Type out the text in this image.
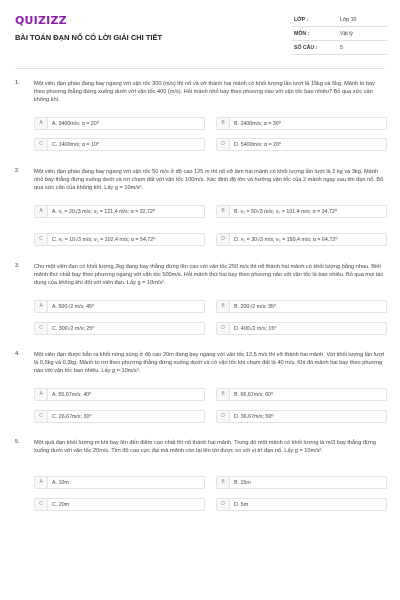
QUIZIZZ
BÀI TOÁN ĐẠN NỔ CÓ LỜI GIẢI CHI TIẾT
LỚP :	Lớp 10
MÔN :	Vật lý
SỐ CÂU :	5
1.	Một viên đạn pháo đang bay ngang với vận tốc 300 (m/s) thì nổ và vỡ thành hai mảnh có khối lượng lần lượt là 15kg và 5kg. Mảnh to bay theo phương thẳng đứng xuống dưới với vận tốc 400 (m/s). Hỏi mảnh nhỏ bay theo phương nào với vận tốc bao nhiêu? Bỏ qua sức cản không khí.
A	A. 3400m/s; α = 20⁰	B	B. 2400m/s; α = 30⁰
C	C. 1400m/s; α = 10⁰	D	D. 5400m/s; α = 20⁰
2.	Một viên đạn pháo đang bay ngang với vận tốc 50 m/s ở độ cao 125 m thì nổ vỡ làm hai mảnh có khối lượng lần lượt là 2 kg và 3kg. Mảnh nhỏ bay thẳng đứng xuống dưới và rơi chạm đất với vận tốc 100m/s. Xác định độ lớn và hướng vận tốc của 2 mảnh ngay sau khi đạn nổ. Bỏ qua sức cản của không khí. Lấy g = 10m/s².
A	A. v₁ = 20√3 m/s; v₂ = 121,4 m/s; α = 32,72⁰	B	B. v₁ = 50√3 m/s; v₂ = 101,4 m/s; α = 34,72⁰
C	C. v₁ = 10√3 m/s; v₂ = 102,4 m/s; α = 54,72⁰	D	D. v₁ = 30√3 m/s; v₂ = 150,4 m/s; α = 64,72⁰
3.	Cho một viên đạn có khối lượng 2kg đang bay thẳng đứng lên cao với vận tốc 250 m/s thì nổ thành hai mảnh có khối lượng bằng nhau. Biết mảnh thứ nhất bay theo phương ngang với vận tốc 500m/s. Hỏi mảnh thứ hai bay theo phương nào với vận tốc là bao nhiêu. Bỏ qua mọi tác dụng của không khí đối với viên đạn. Lấy g = 10m/s².
A	A. 500√2 m/s; 45⁰	B	B. 200√2 m/s; 35⁰
C	C. 300√2 m/s; 25⁰	D	D. 400√2 m/s; 15⁰
4.	Một viên đạn được bắn ra khỏi nòng súng ở độ cao 20m đang bay ngang với vận tốc 12,5 m/s thì vỡ thành hai mảnh. Với khối lượng lần lượt là 0,5kg và 0,3kg. Mảnh to rơi theo phương thẳng đứng xuống dưới và có vận tốc khi chạm đất là 40 m/s. Khi đó mảnh hai bay theo phương nào với vận tốc bao nhiêu. Lấy g = 10m/s².
A	A. 55,67m/s; 40⁰	B	B. 66,67m/s; 60⁰
C	C. 26,67m/s; 30⁰	D	D. 36,67m/s; 50⁰
5.	Một quả đạn khối lượng m khi bay lên đến điểm cao nhất thì nổ thành hai mảnh. Trong đó một mảnh có khối lượng là m/3 bay thẳng đứng xuống dưới với vận tốc 20m/s. Tìm độ cao cực đại mà mảnh còn lại lên tới được so với vị trí đạn nổ. Lấy g = 10m/s².
A	A. 10m	B	B. 15m
C	C. 20m	D	D. 5m
